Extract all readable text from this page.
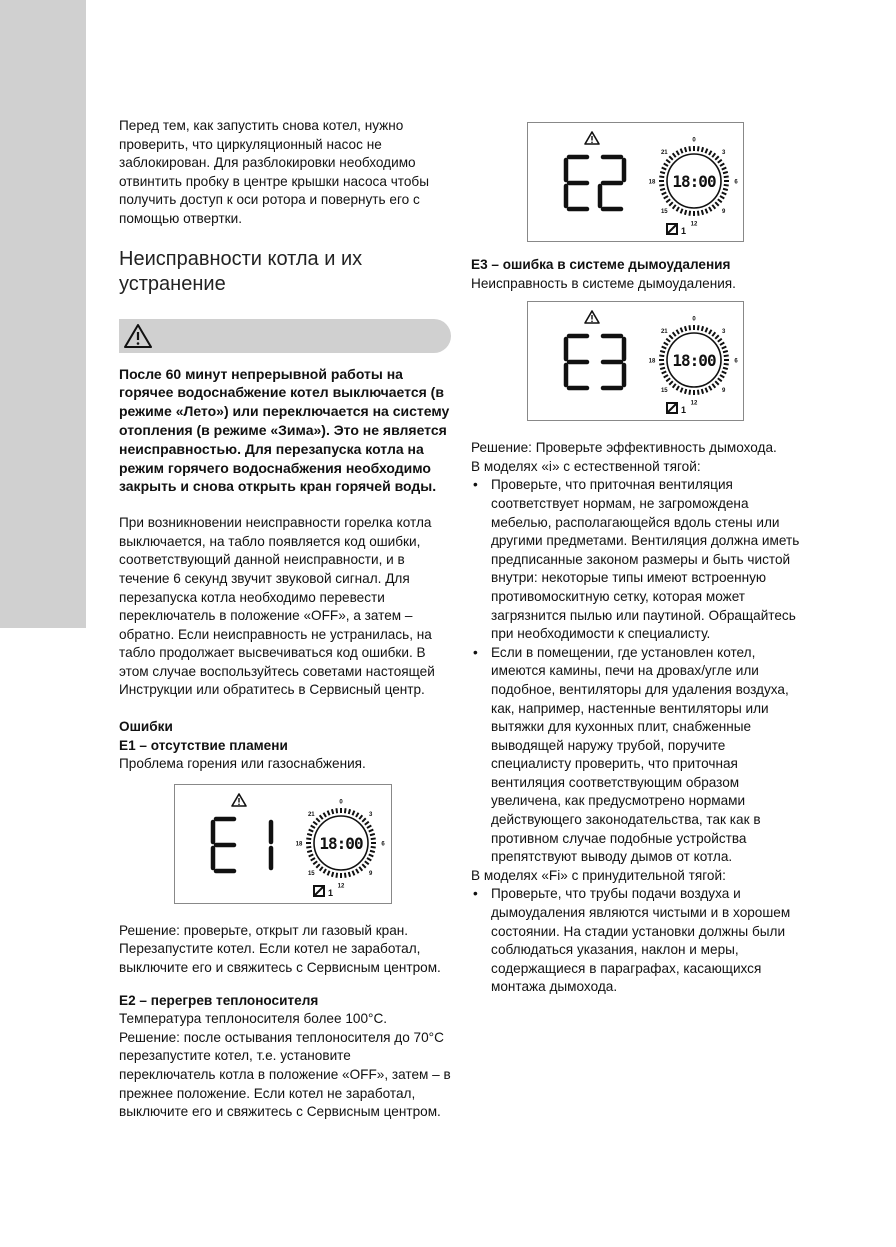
Перед тем, как запустить снова котел, нужно проверить, что циркуляционный насос не заблокирован. Для разблокировки необходимо отвинтить пробку в центре крышки насоса чтобы получить доступ к оси ротора и повернуть его с помощью отвертки.

Неисправности котла и их устранение

После 60 минут непрерывной работы на горячее водоснабжение котел выключается (в режиме «Лето») или переключается на систему отопления (в режиме «Зима»). Это не является неисправностью. Для перезапуска котла на режим горячего водоснабжения необходимо закрыть и снова открыть кран горячей воды.

При возникновении неисправности горелка котла выключается, на табло появляется код ошибки, соответствующий данной неисправности, и в течение 6 секунд звучит звуковой сигнал. Для перезапуска котла необходимо перевести переключатель в положение «OFF», а затем – обратно. Если неисправность не устранилась, на табло продолжает высвечиваться код ошибки. В этом случае воспользуйтесь советами настоящей Инструкции или обратитесь в Сервисный центр.

Ошибки

E1 – отсутствие пламени

Проблема горения или газоснабжения.

0
3
6
9
12
15
18
21
18:00
1

Решение: проверьте, открыт ли газовый кран. Перезапустите котел. Если котел не заработал, выключите его и свяжитесь с Сервисным центром.

E2 – перегрев теплоносителя

Температура теплоносителя более 100°С. Решение: после остывания теплоносителя до 70°С перезапустите котел, т.е. установите переключатель котла в положение «OFF», затем – в прежнее положение. Если котел не заработал, выключите его и свяжитесь с Сервисным центром.

0
3
6
9
12
15
18
21
18:00
1

E3 – ошибка в системе дымоудаления

Неисправность в системе дымоудаления.

0
3
6
9
12
15
18
21
18:00
1

Решение: Проверьте эффективность дымохода.

В моделях «i» с естественной тягой:

• Проверьте, что приточная вентиляция соответствует нормам, не загромождена мебелью, располагающейся вдоль стены или другими предметами. Вентиляция должна иметь предписанные законом размеры и быть чистой внутри: некоторые типы имеют встроенную противомоскитную сетку, которая может загрязнится пылью или паутиной. Обращайтесь при необходимости к специалисту.
• Если в помещении, где установлен котел, имеются камины, печи на дровах/угле или подобное, вентиляторы для удаления воздуха, как, например, настенные вентиляторы или вытяжки для кухонных плит, снабженные выводящей наружу трубой, поручите специалисту проверить, что приточная вентиляция соответствующим образом увеличена, как предусмотрено нормами действующего законодательства, так как в противном случае подобные устройства препятствуют выводу дымов от котла.

В моделях «Fi» с принудительной тягой:

• Проверьте, что трубы подачи воздуха и дымоудаления являются чистыми и в хорошем состоянии. На стадии установки должны были соблюдаться указания, наклон и меры, содержащиеся в параграфах, касающихся монтажа дымохода.
